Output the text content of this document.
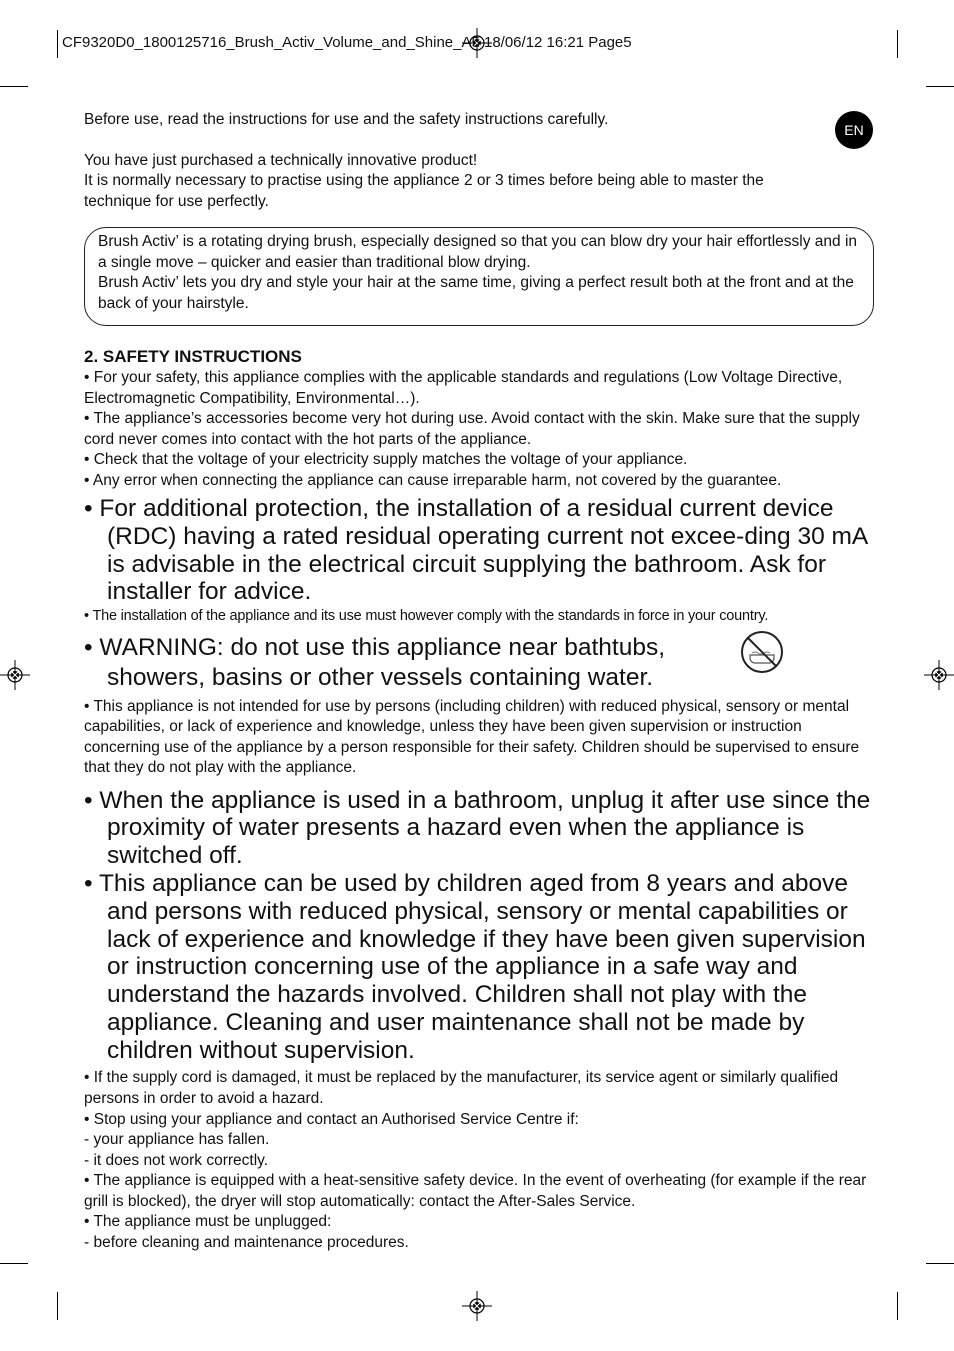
CF9320D0_1800125716_Brush_Activ_Volume_and_Shine_A5 18/06/12 16:21 Page5
EN

Before use, read the instructions for use and the safety instructions carefully.

You have just purchased a technically innovative product!

It is normally necessary to practise using the appliance 2 or 3 times before being able to master the technique for use perfectly.

Brush Activ’ is a rotating drying brush, especially designed so that you can blow dry your hair effortlessly and in a single move – quicker and easier than traditional blow drying.

Brush Activ’ lets you dry and style your hair at the same time, giving a perfect result both at the front and at the back of your hairstyle.

2. SAFETY INSTRUCTIONS

• For your safety, this appliance complies with the applicable standards and regulations (Low Voltage Directive, Electromagnetic Compatibility, Environmental…).

• The appliance’s accessories become very hot during use. Avoid contact with the skin. Make sure that the supply cord never comes into contact with the hot parts of the appliance.

• Check that the voltage of your electricity supply matches the voltage of your appliance.

• Any error when connecting the appliance can cause irreparable harm, not covered by the guarantee.

• For additional protection, the installation of a residual current device (RDC) having a rated residual operating current not excee-ding 30 mA is advisable in the electrical circuit supplying the bathroom. Ask for installer for advice.

• The installation of the appliance and its use must however comply with the standards in force in your country.

• WARNING: do not use this appliance near bathtubs, showers, basins or other vessels containing water.

• This appliance is not intended for use by persons (including children) with reduced physical, sensory or mental capabilities, or lack of experience and knowledge, unless they have been given supervision or instruction concerning use of the appliance by a person responsible for their safety. Children should be supervised to ensure that they do not play with the appliance.

• When the appliance is used in a bathroom, unplug it after use since the proximity of water presents a hazard even when the appliance is switched off.

• This appliance can be used by children aged from 8 years and above and persons with reduced physical, sensory or mental capabilities or lack of experience and knowledge if they have been given supervision or instruction concerning use of the appliance in a safe way and understand the hazards involved. Children shall not play with the appliance. Cleaning and user maintenance shall not be made by children without supervision.

• If the supply cord is damaged, it must be replaced by the manufacturer, its service agent or similarly qualified persons in order to avoid a hazard.

• Stop using your appliance and contact an Authorised Service Centre if:

- your appliance has fallen.

- it does not work correctly.

• The appliance is equipped with a heat-sensitive safety device. In the event of overheating (for example if the rear grill is blocked), the dryer will stop automatically: contact the After-Sales Service.

• The appliance must be unplugged:

- before cleaning and maintenance procedures.
